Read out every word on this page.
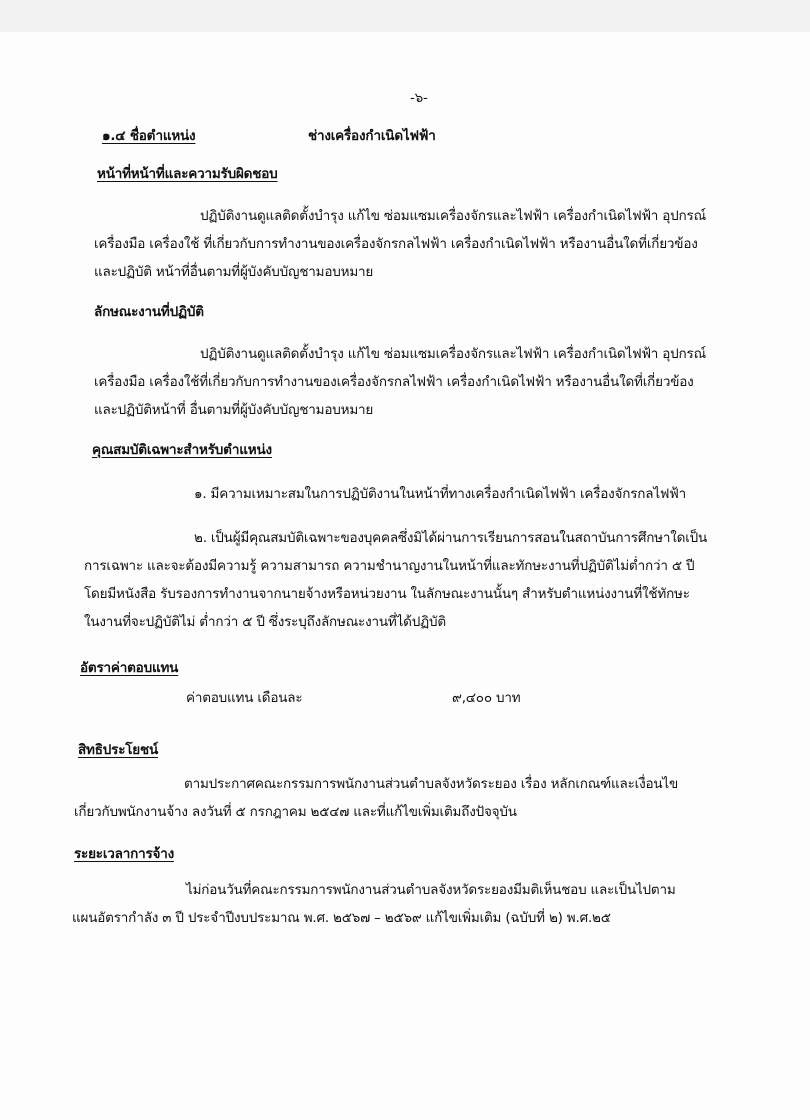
-๖-
๑.๔ ชื่อตำแหน่ง	ช่างเครื่องกำเนิดไฟฟ้า
หน้าที่หน้าที่และความรับผิดชอบ
ปฏิบัติงานดูแลติดตั้งบำรุง แก้ไข ซ่อมแซมเครื่องจักรและไฟฟ้า เครื่องกำเนิดไฟฟ้า อุปกรณ์
เครื่องมือ เครื่องใช้ ที่เกี่ยวกับการทำงานของเครื่องจักรกลไฟฟ้า เครื่องกำเนิดไฟฟ้า หรืองานอื่นใดที่เกี่ยวข้อง
และปฏิบัติ หน้าที่อื่นตามที่ผู้บังคับบัญชามอบหมาย
ลักษณะงานที่ปฏิบัติ
ปฏิบัติงานดูแลติดตั้งบำรุง แก้ไข ซ่อมแซมเครื่องจักรและไฟฟ้า เครื่องกำเนิดไฟฟ้า อุปกรณ์
เครื่องมือ เครื่องใช้ที่เกี่ยวกับการทำงานของเครื่องจักรกลไฟฟ้า เครื่องกำเนิดไฟฟ้า หรืองานอื่นใดที่เกี่ยวข้อง
และปฏิบัติหน้าที่ อื่นตามที่ผู้บังคับบัญชามอบหมาย
คุณสมบัติเฉพาะสำหรับตำแหน่ง
๑. มีความเหมาะสมในการปฏิบัติงานในหน้าที่ทางเครื่องกำเนิดไฟฟ้า เครื่องจักรกลไฟฟ้า
๒. เป็นผู้มีคุณสมบัติเฉพาะของบุคคลซึ่งมิได้ผ่านการเรียนการสอนในสถาบันการศึกษาใดเป็น
การเฉพาะ และจะต้องมีความรู้ ความสามารถ ความชำนาญงานในหน้าที่และทักษะงานที่ปฏิบัติไม่ต่ำกว่า ๕ ปี
โดยมีหนังสือ รับรองการทำงานจากนายจ้างหรือหน่วยงาน ในลักษณะงานนั้นๆ สำหรับตำแหน่งงานที่ใช้ทักษะ
ในงานที่จะปฏิบัติไม่ ต่ำกว่า ๕ ปี ซึ่งระบุถึงลักษณะงานที่ได้ปฏิบัติ
อัตราค่าตอบแทน
ค่าตอบแทน เดือนละ	๙,๔๐๐ บาท
สิทธิประโยชน์
ตามประกาศคณะกรรมการพนักงานส่วนตำบลจังหวัดระยอง เรื่อง หลักเกณฑ์และเงื่อนไข
เกี่ยวกับพนักงานจ้าง ลงวันที่ ๕ กรกฎาคม ๒๕๔๗ และที่แก้ไขเพิ่มเติมถึงปัจจุบัน
ระยะเวลาการจ้าง
ไม่ก่อนวันที่คณะกรรมการพนักงานส่วนตำบลจังหวัดระยองมีมติเห็นชอบ และเป็นไปตาม
แผนอัตรากำลัง ๓ ปี ประจำปีงบประมาณ พ.ศ. ๒๕๖๗ – ๒๕๖๙ แก้ไขเพิ่มเติม (ฉบับที่ ๒) พ.ศ.๒๕
